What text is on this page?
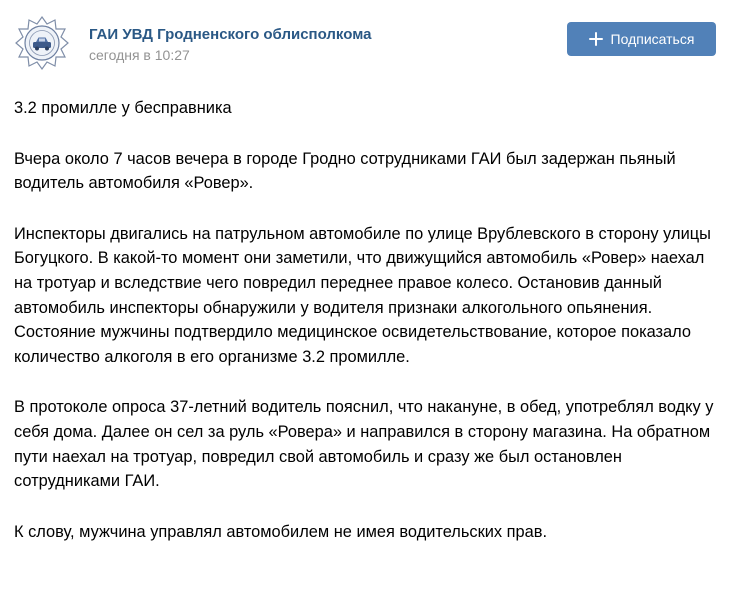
ГАИ УВД Гродненского облисполкома
сегодня в 10:27
Подписаться

3.2 промилле у бесправника

Вчера около 7 часов вечера в городе Гродно сотрудниками ГАИ был задержан пьяный водитель автомобиля «Ровер».

Инспекторы двигались на патрульном автомобиле по улице Врублевского в сторону улицы Богуцкого. В какой-то момент они заметили, что движущийся автомобиль «Ровер» наехал на тротуар и вследствие чего повредил переднее правое колесо. Остановив данный автомобиль инспекторы обнаружили у водителя признаки алкогольного опьянения. Состояние мужчины подтвердило медицинское освидетельствование, которое показало количество алкоголя в его организме 3.2 промилле.

В протоколе опроса 37-летний водитель пояснил, что накануне, в обед, употреблял водку у себя дома. Далее он сел за руль «Ровера» и направился в сторону магазина. На обратном пути наехал на тротуар, повредил свой автомобиль и сразу же был остановлен сотрудниками ГАИ.

К слову, мужчина управлял автомобилем не имея водительских прав.
